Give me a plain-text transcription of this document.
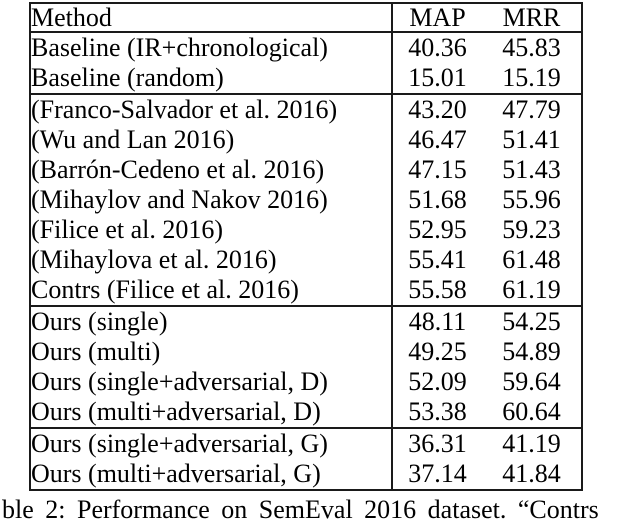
Method	MAP	MRR
Baseline (IR+chronological)	40.36	45.83
Baseline (random)	15.01	15.19
(Franco-Salvador et al. 2016)	43.20	47.79
(Wu and Lan 2016)	46.47	51.41
(Barrón-Cedeno et al. 2016)	47.15	51.43
(Mihaylov and Nakov 2016)	51.68	55.96
(Filice et al. 2016)	52.95	59.23
(Mihaylova et al. 2016)	55.41	61.48
Contrs (Filice et al. 2016)	55.58	61.19
Ours (single)	48.11	54.25
Ours (multi)	49.25	54.89
Ours (single+adversarial, D)	52.09	59.64
Ours (multi+adversarial, D)	53.38	60.64
Ours (single+adversarial, G)	36.31	41.19
Ours (multi+adversarial, G)	37.14	41.84
ble 2: Performance on SemEval 2016 dataset. “Contrs
